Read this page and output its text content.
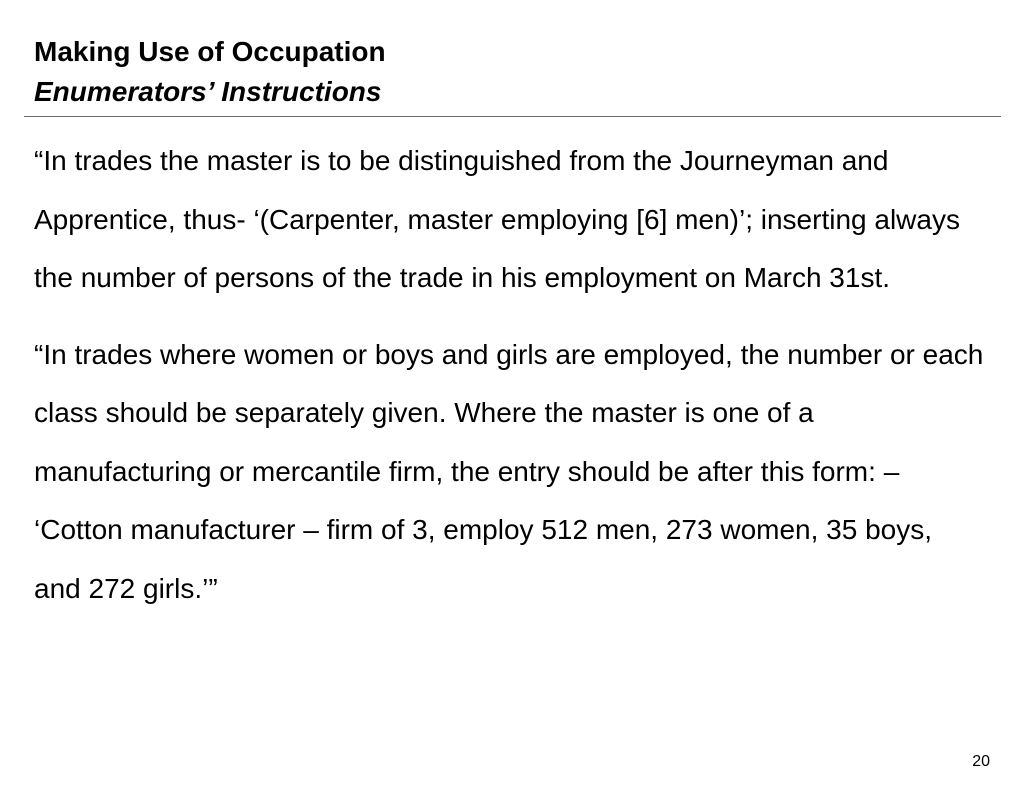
Making Use of Occupation
Enumerators’ Instructions

“In trades the master is to be distinguished from the Journeyman and Apprentice, thus- ‘(Carpenter, master employing [6] men)’; inserting always the number of persons of the trade in his employment on March 31st.

“In trades where women or boys and girls are employed, the number or each class should be separately given. Where the master is one of a manufacturing or mercantile firm, the entry should be after this form: – ‘Cotton manufacturer – firm of 3, employ 512 men, 273 women, 35 boys, and 272 girls.’”

20
